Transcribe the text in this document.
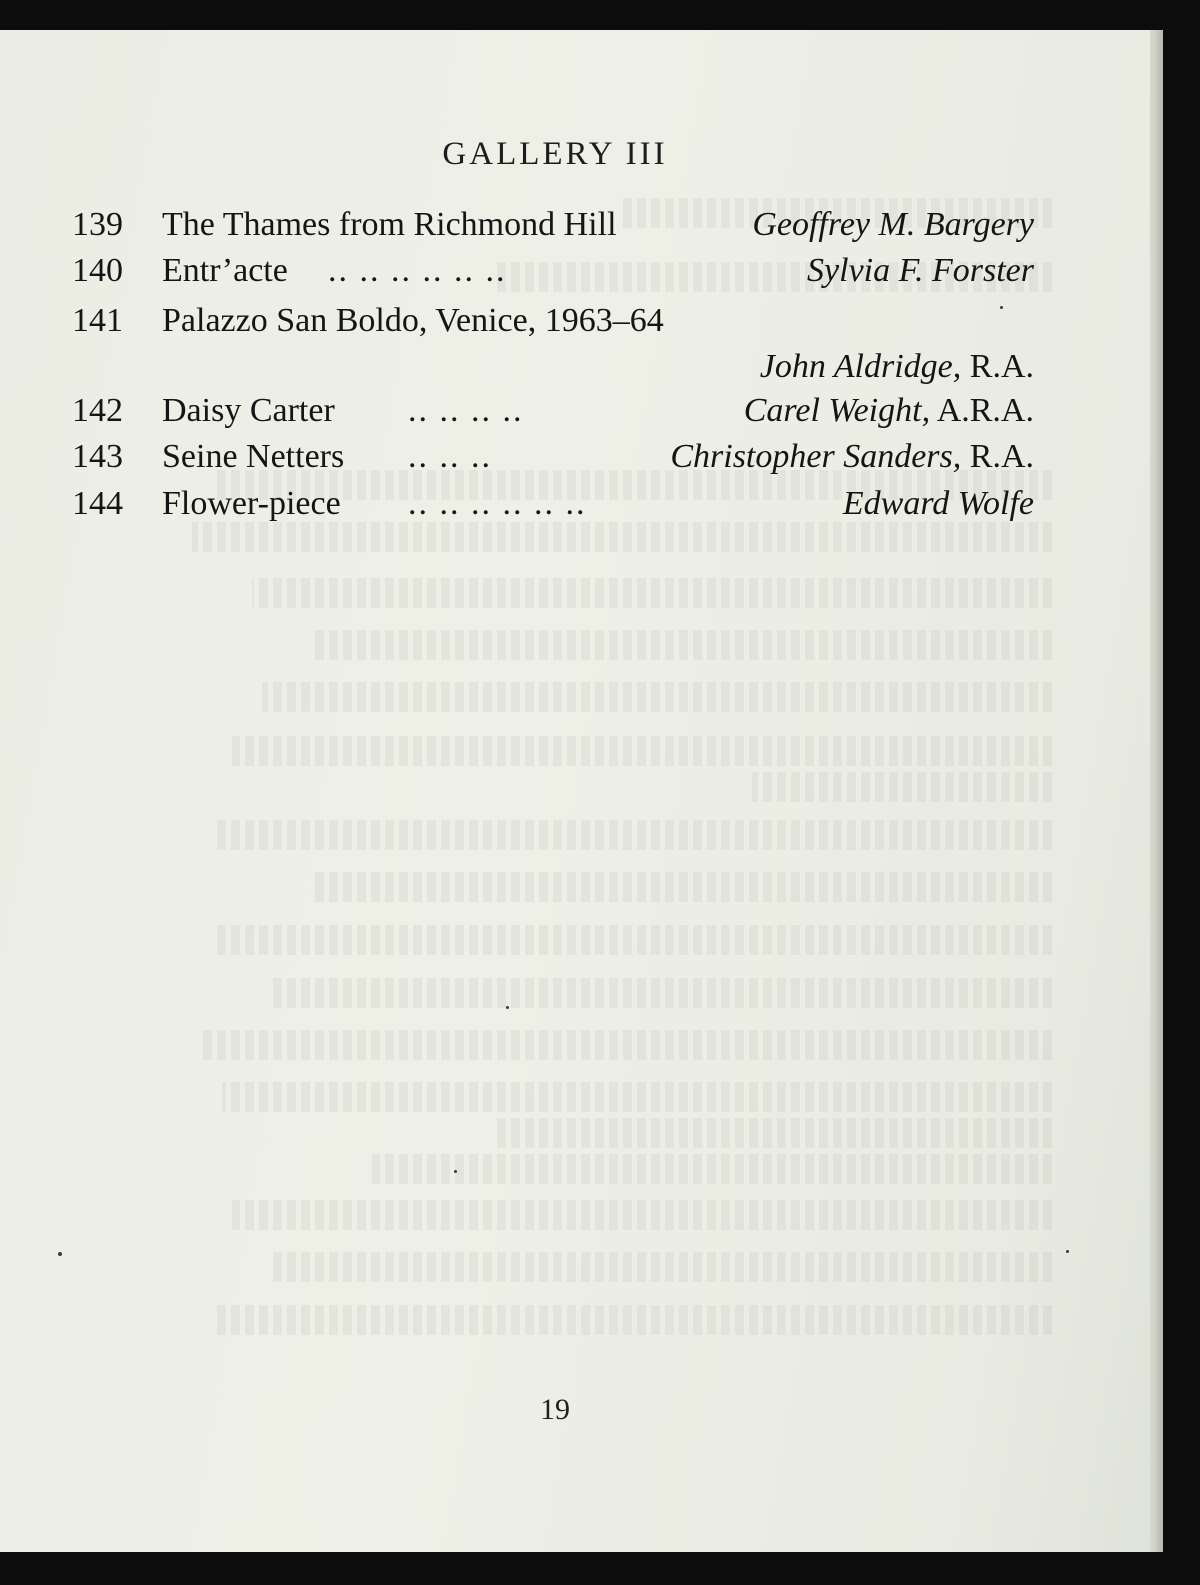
GALLERY III
139	The Thames from Richmond Hill	Geoffrey M. Bargery
140	Entr’acte .. .. .. .. .. ..	Sylvia F. Forster
141	Palazzo San Boldo, Venice, 1963–64
John Aldridge, R.A.
142	Daisy Carter .. .. .. ..	Carel Weight, A.R.A.
143	Seine Netters .. .. ..	Christopher Sanders, R.A.
144	Flower-piece .. .. .. .. .. ..	Edward Wolfe
19
